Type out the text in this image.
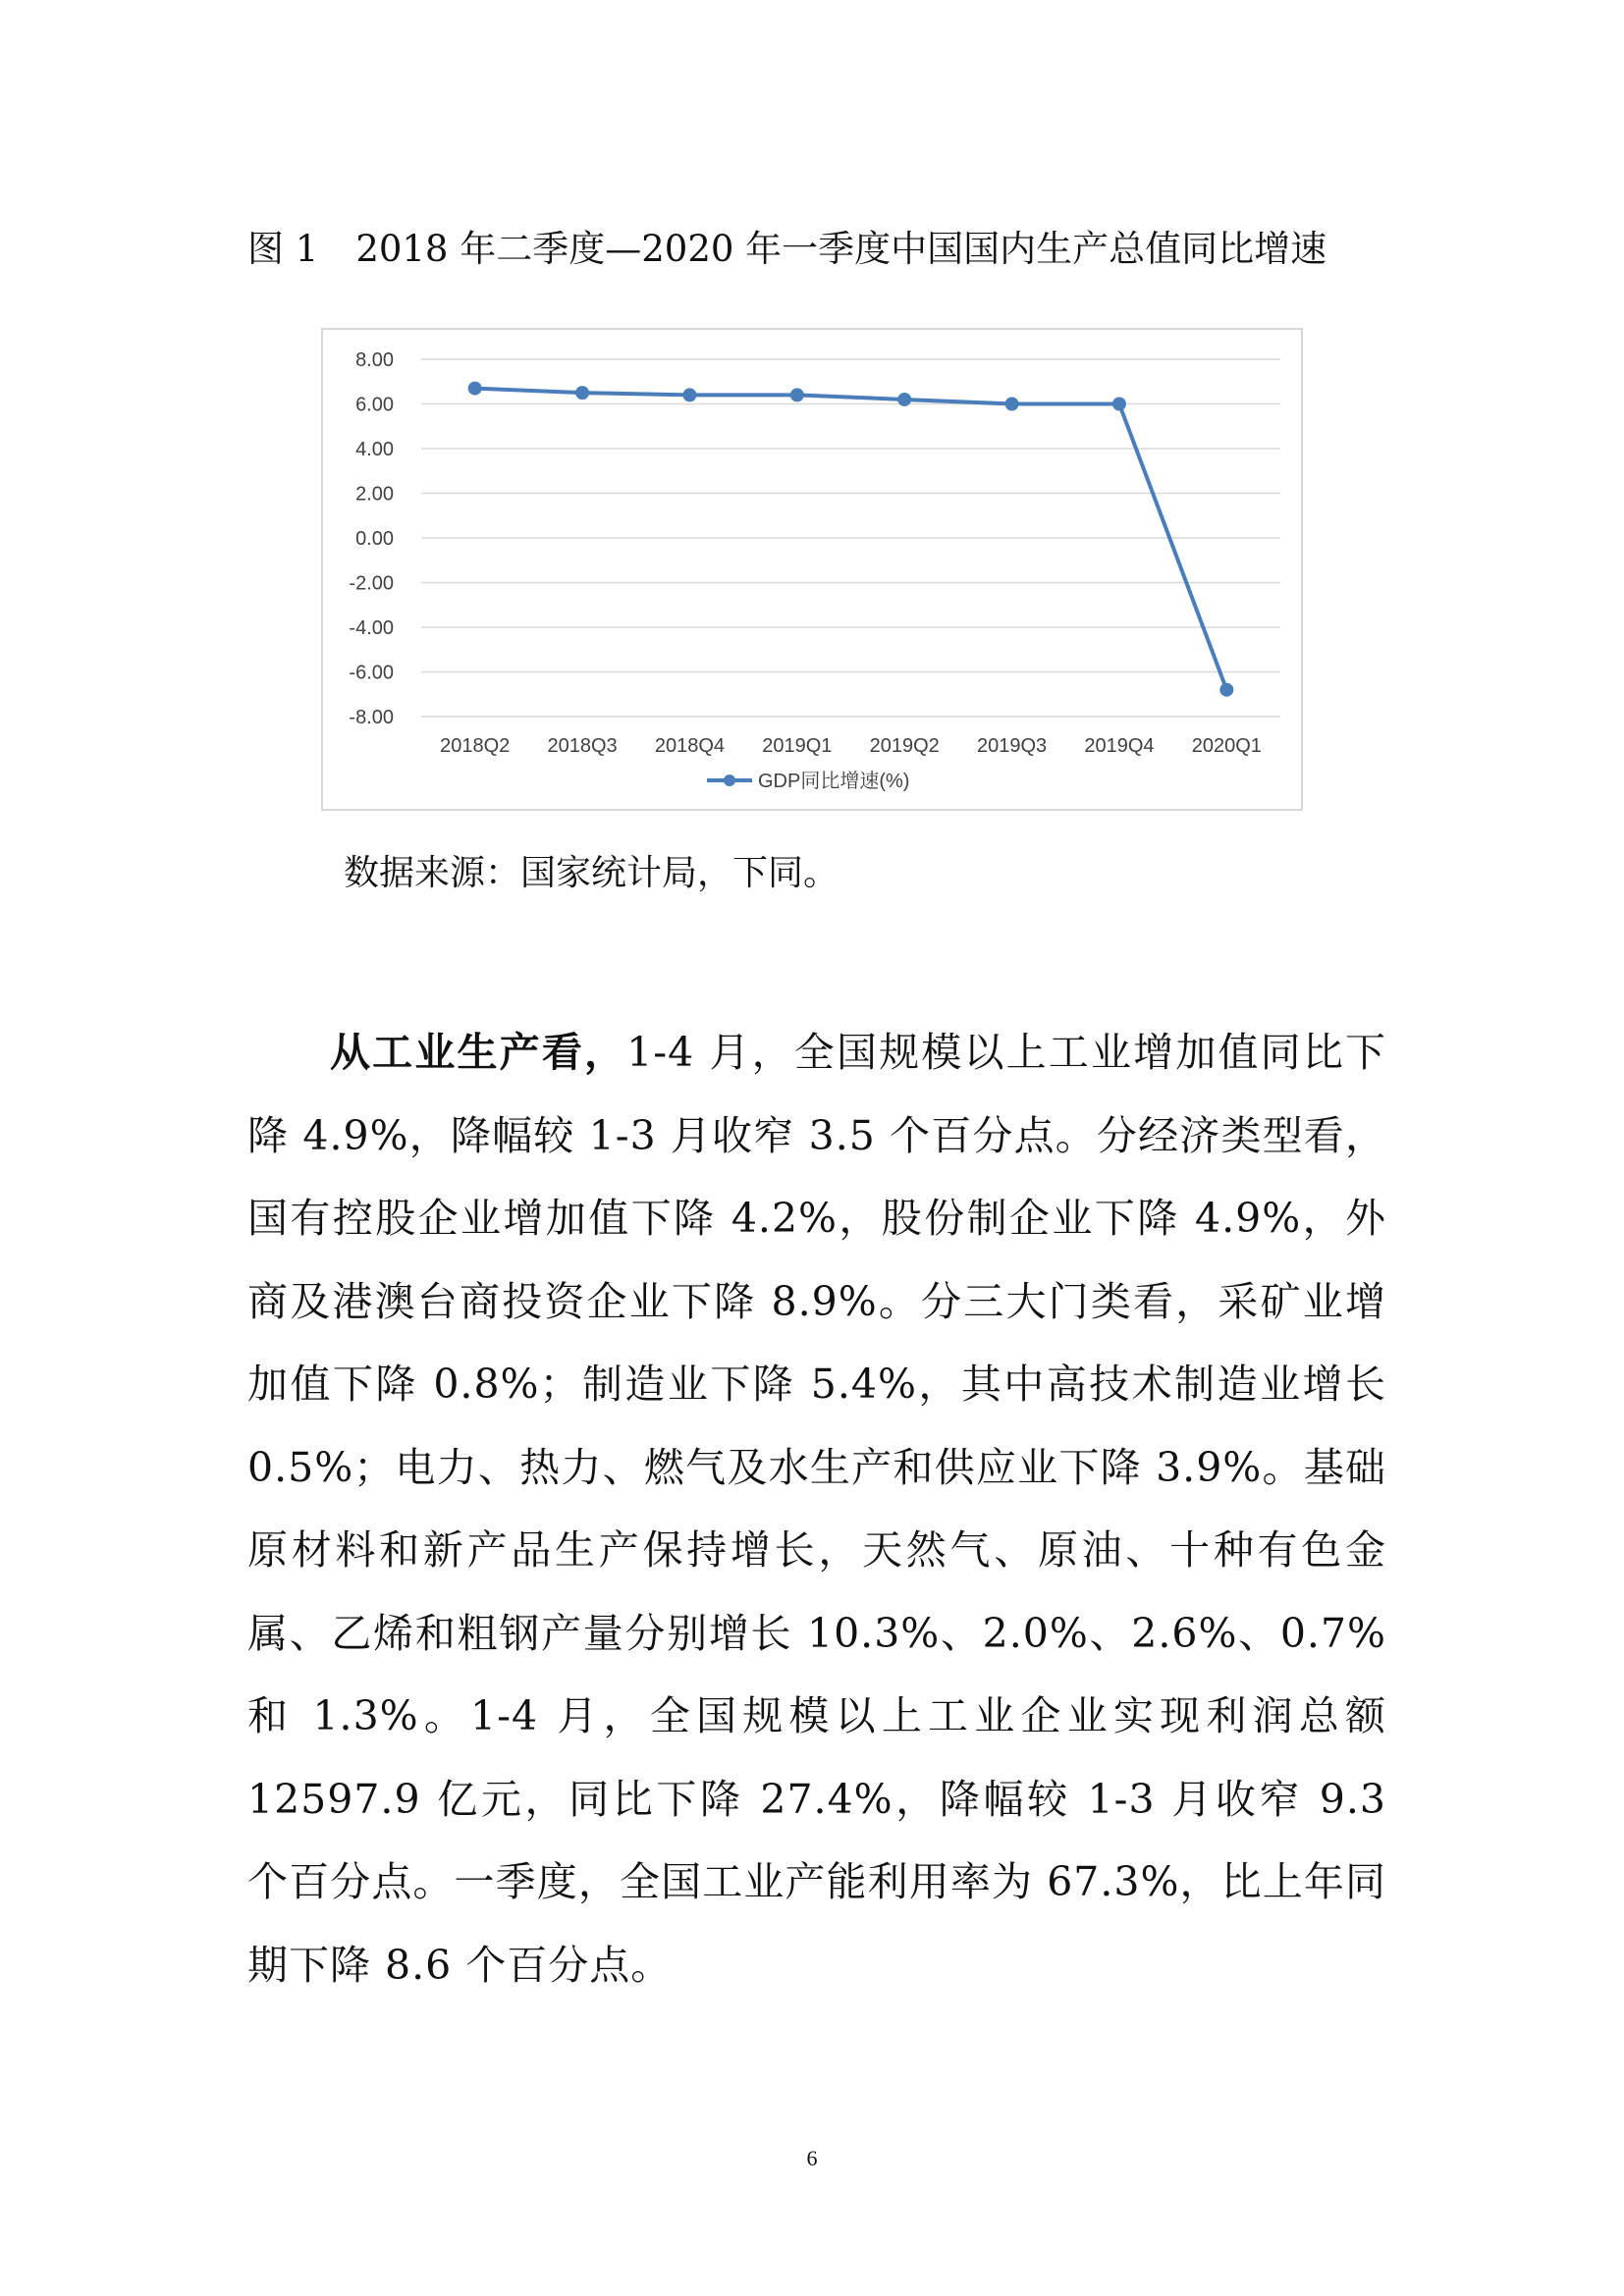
图 1 2018 年二季度—2020 年一季度中国国内生产总值同比增速
8.00
6.00
4.00
2.00
0.00
-2.00
-4.00
-6.00
-8.00
2018Q2 2018Q3 2018Q4 2019Q1 2019Q2 2019Q3 2019Q4 2020Q1
GDP同比增速(%)
数据来源：国家统计局，下同。

从工业生产看，1-4 月，全国规模以上工业增加值同比下降 4.9%，降幅较 1-3 月收窄 3.5 个百分点。分经济类型看，国有控股企业增加值下降 4.2%，股份制企业下降 4.9%，外商及港澳台商投资企业下降 8.9%。分三大门类看，采矿业增加值下降 0.8%；制造业下降 5.4%，其中高技术制造业增长 0.5%；电力、热力、燃气及水生产和供应业下降 3.9%。基础原材料和新产品生产保持增长，天然气、原油、十种有色金属、乙烯和粗钢产量分别增长 10.3%、2.0%、2.6%、0.7%和 1.3%。1-4 月，全国规模以上工业企业实现利润总额 12597.9 亿元，同比下降 27.4%，降幅较 1-3 月收窄 9.3 个百分点。一季度，全国工业产能利用率为 67.3%，比上年同期下降 8.6 个百分点。

6
